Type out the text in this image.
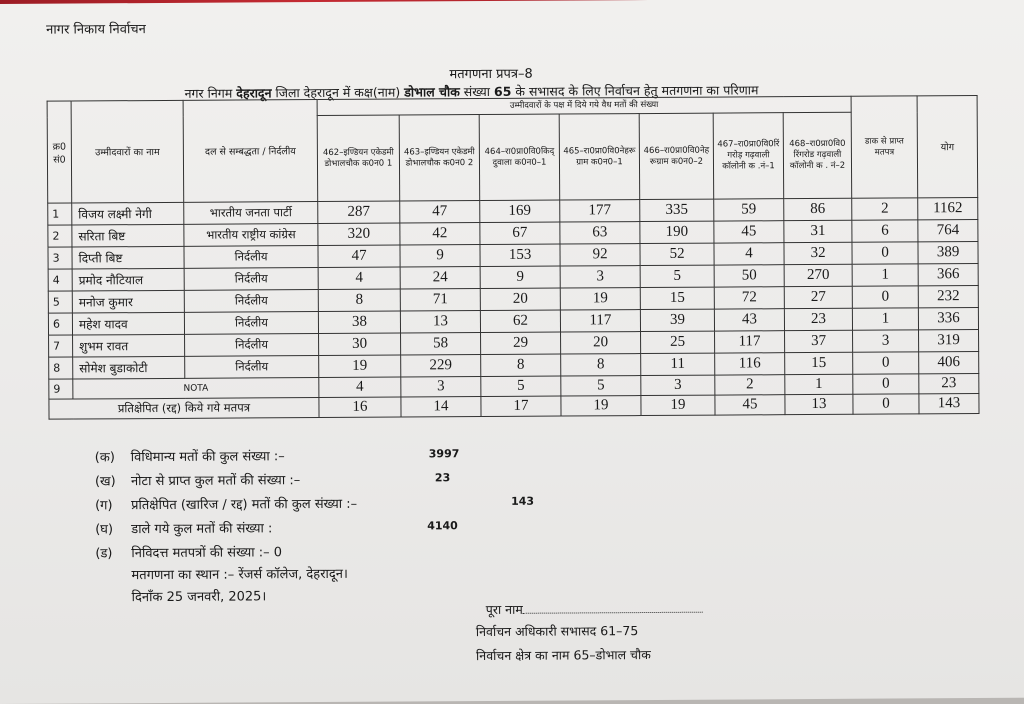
नागर निकाय निर्वाचन
मतगणना प्रपत्र–8
नगर निगम देहरादून जिला देहरादून में कक्ष(नाम) डोभाल चौक संख्या 65 के सभासद के लिए निर्वाचन हेतु मतगणना का परिणाम
क्र0 सं0	उम्मीदवारों का नाम	दल से सम्बद्धता / निर्दलीय	उम्मीदवारों के पक्ष में दिये गये वैध मतों की संख्या							डाक से प्राप्त मतपत्र	योग
			462–इण्डियन एकेडमी डोभालचौक क0न0 1	463–इण्डियन एकेडमी डोभालचौक क0न0 2	464–रा0प्रा0वि0किद् दुवाला क0न0–1	465–रा0प्रा0वि0नेहरू ग्राम क0न0–1	466–रा0प्रा0वि0नेह रूग्राम क0न0–2	467–रा0प्रा0वि0रिं गरोड़ गढ़वाली कॉलोनी क .नं–1	468–रा0प्रा0वि0 रिंगरोड गढ़वाली कॉलोनी क . नं–2		
1	विजय लक्ष्मी नेगी	भारतीय जनता पार्टी	287	47	169	177	335	59	86	2	1162
2	सरिता बिष्ट	भारतीय राष्ट्रीय कांग्रेस	320	42	67	63	190	45	31	6	764
3	दिप्ती बिष्ट	निर्दलीय	47	9	153	92	52	4	32	0	389
4	प्रमोद नौटियाल	निर्दलीय	4	24	9	3	5	50	270	1	366
5	मनोज कुमार	निर्दलीय	8	71	20	19	15	72	27	0	232
6	महेश यादव	निर्दलीय	38	13	62	117	39	43	23	1	336
7	शुभम रावत	निर्दलीय	30	58	29	20	25	117	37	3	319
8	सोमेश बुडाकोटी	निर्दलीय	19	229	8	8	11	116	15	0	406
9	NOTA		4	3	5	5	3	2	1	0	23
प्रतिक्षेपित (रद्द) किये गये मतपत्र			16	14	17	19	19	45	13	0	143
(क) विधिमान्य मतों की कुल संख्या :–	3997
(ख) नोटा से प्राप्त कुल मतों की संख्या :–	23
(ग) प्रतिक्षेपित (खारिज / रद्द) मतों की कुल संख्या :–	143
(घ) डाले गये कुल मतों की संख्या :	4140
(ड) निविदत्त मतपत्रों की संख्या :– 0
मतगणना का स्थान :– रेंजर्स कॉलेज, देहरादून।
दिनाँक 25 जनवरी, 2025।
पूरा नाम
निर्वाचन अधिकारी सभासद 61–75
निर्वाचन क्षेत्र का नाम 65–डोभाल चौक
